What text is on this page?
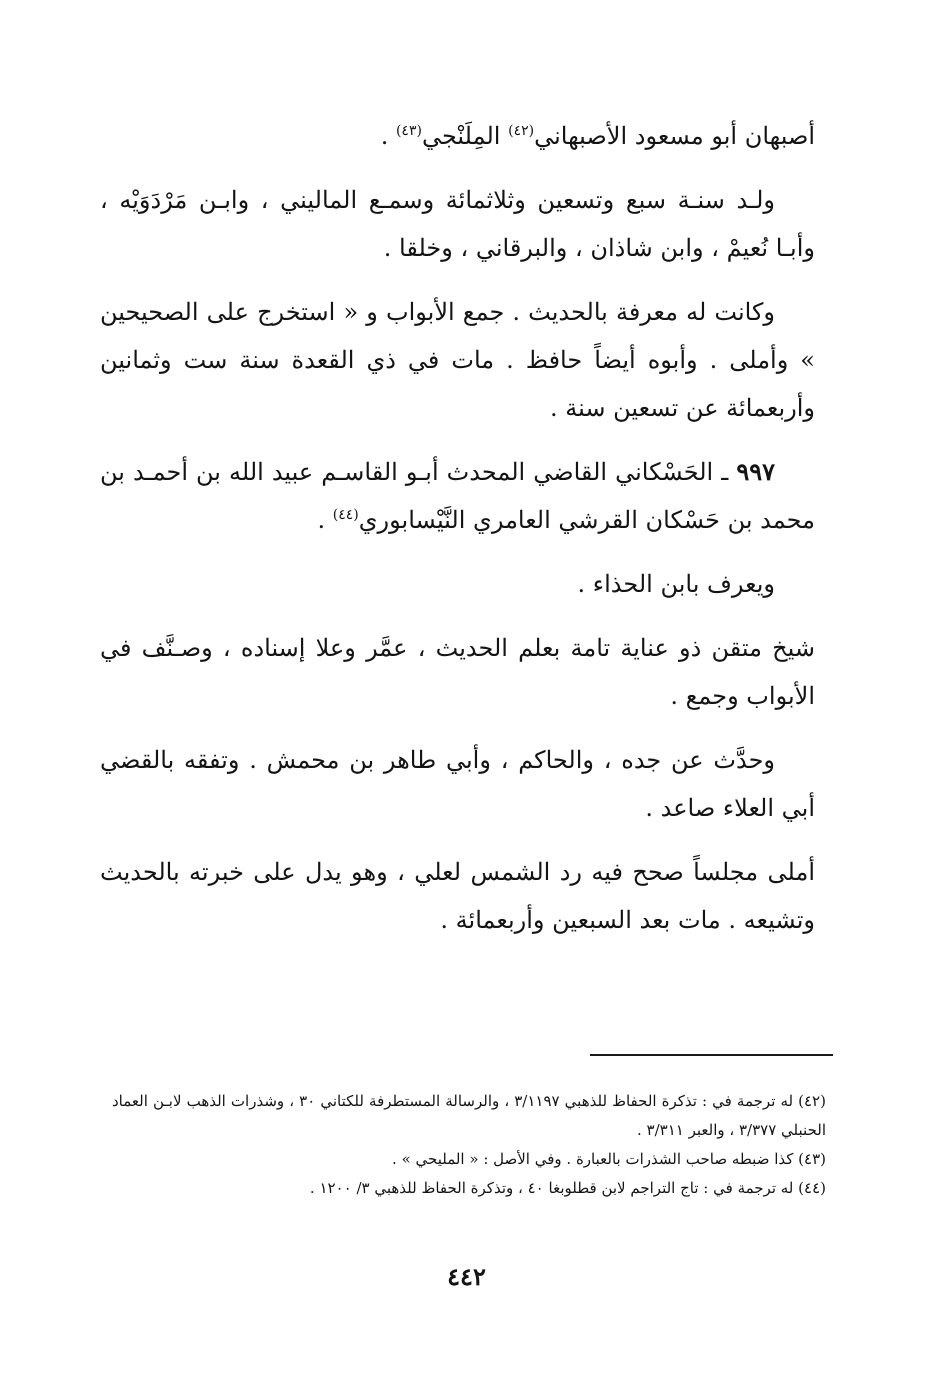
أصبهان أبو مسعود الأصبهاني$^{(٤٢)}$ المِلَنْجي$^{(٤٣)}$ .

ولـد سنـة سبع وتسعين وثلاثمائة وسمـع الماليني ، وابـن مَرْدَوَيْه ، وأبـا نُعيمْ ، وابن شاذان ، والبرقاني ، وخلقا .

وكانت له معرفة بالحديث . جمع الأبواب و « استخرج على الصحيحين » وأملى . وأبوه أيضاً حافظ . مات في ذي القعدة سنة ست وثمانين وأربعمائة عن تسعين سنة .

٩٩٧ ـ الحَسْكاني القاضي المحدث أبـو القاسـم عبيد الله بن أحمـد بن محمد بن حَسْكان القرشي العامري النَّيْسابوري$^{(٤٤)}$ .

ويعرف بابن الحذاء .

شيخ متقن ذو عناية تامة بعلم الحديث ، عمَّر وعلا إسناده ، وصـنَّف في الأبواب وجمع .

وحدَّث عن جده ، والحاكم ، وأبي طاهر بن محمش . وتفقه بالقضي أبي العلاء صاعد .

أملى مجلساً صحح فيه رد الشمس لعلي ، وهو يدل على خبرته بالحديث وتشيعه . مات بعد السبعين وأربعمائة .

(٤٢) له ترجمة في : تذكرة الحفاظ للذهبي ٣/١١٩٧ ، والرسالة المستطرفة للكتاني ٣٠ ، وشذرات الذهب لابـن العماد الحنبلي ٣/٣٧٧ ، والعبر ٣/٣١١ .

(٤٣) كذا ضبطه صاحب الشذرات بالعبارة . وفي الأصل : « المليحي » .

(٤٤) له ترجمة في : تاج التراجم لابن قطلوبغا ٤٠ ، وتذكرة الحفاظ للذهبي ٣/ ١٢٠٠ .

٤٤٢
